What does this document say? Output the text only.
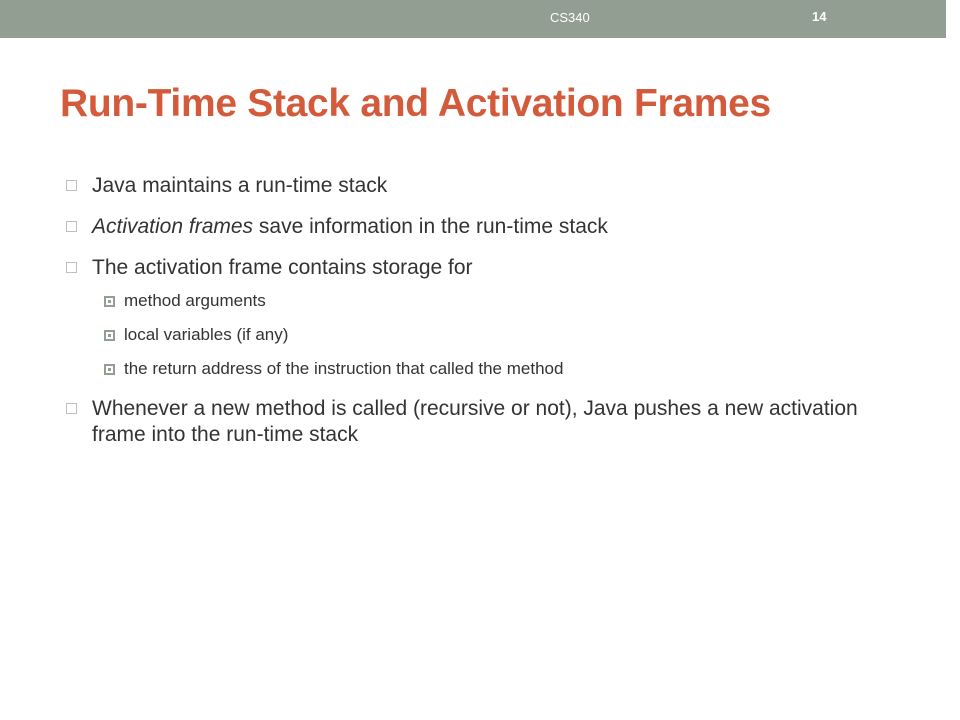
CS340	14
Run-Time Stack and Activation Frames
Java maintains a run-time stack
Activation frames save information in the run-time stack
The activation frame contains storage for
method arguments
local variables (if any)
the return address of the instruction that called the method
Whenever a new method is called (recursive or not), Java pushes a new activation frame into the run-time stack
